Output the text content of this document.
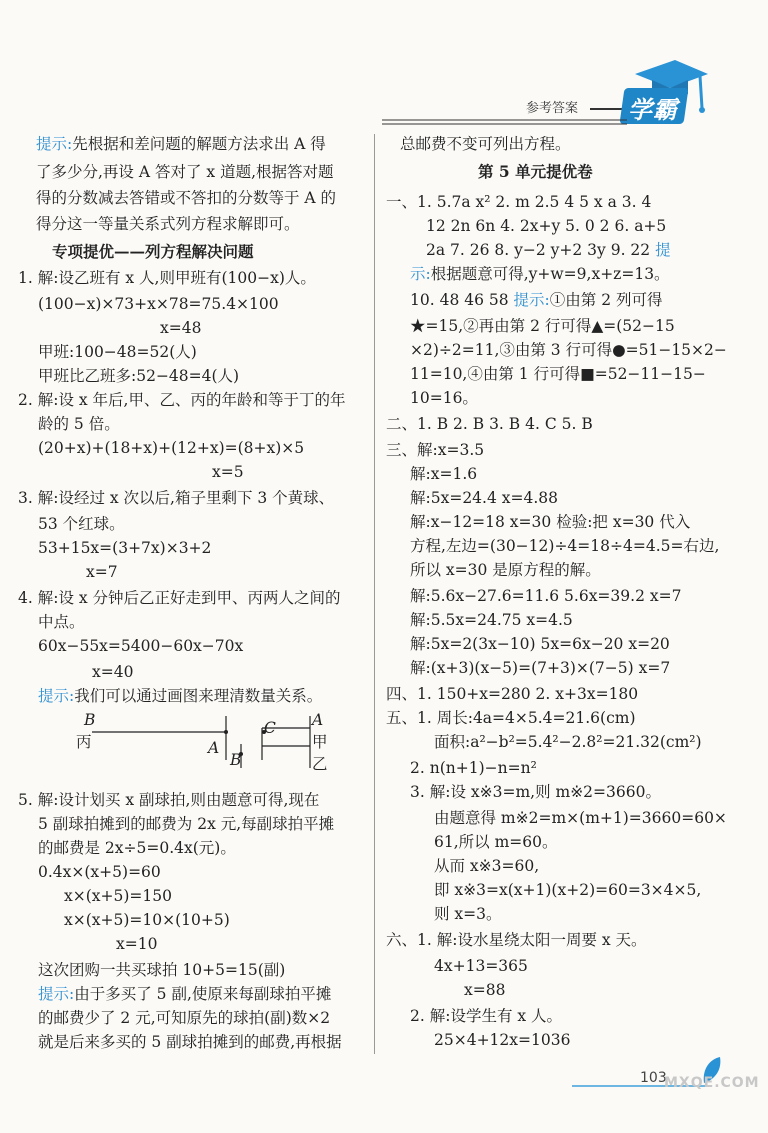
参考答案 学霸
提示:先根据和差问题的解题方法求出 A 得
了多少分,再设 A 答对了 x 道题,根据答对题
得的分数减去答错或不答扣的分数等于 A 的
得分这一等量关系式列方程求解即可。
专项提优——列方程解决问题
1. 解:设乙班有 x 人,则甲班有(100−x)人。
(100−x)×73+x×78=75.4×100
x=48
甲班:100−48=52(人)
甲班比乙班多:52−48=4(人)
2. 解:设 x 年后,甲、乙、丙的年龄和等于丁的年
龄的 5 倍。
(20+x)+(18+x)+(12+x)=(8+x)×5
x=5
3. 解:设经过 x 次以后,箱子里剩下 3 个黄球、
53 个红球。
53+15x=(3+7x)×3+2
x=7
4. 解:设 x 分钟后乙正好走到甲、丙两人之间的
中点。
60x−55x=5400−60x−70x
x=40
提示:我们可以通过画图来理清数量关系。
B
丙	A
C A
甲
乙
B
5. 解:设计划买 x 副球拍,则由题意可得,现在
5 副球拍摊到的邮费为 2x 元,每副球拍平摊
的邮费是 2x÷5=0.4x(元)。
0.4x×(x+5)=60
x×(x+5)=150
x×(x+5)=10×(10+5)
x=10
这次团购一共买球拍 10+5=15(副)
提示:由于多买了 5 副,使原来每副球拍平摊
的邮费少了 2 元,可知原先的球拍(副)数×2
就是后来多买的 5 副球拍摊到的邮费,再根据
总邮费不变可列出方程。
第 5 单元提优卷
一、1. 5.7a x² 2. m 2.5 4 5 x a 3. 4
12 2n 6n 4. 2x+y 5. 0 2 6. a+5
2a 7. 26 8. y−2 y+2 3y 9. 22 提
示:根据题意可得,y+w=9,x+z=13。
10. 48 46 58 提示:①由第 2 列可得
★=15,②再由第 2 行可得▲=(52−15
×2)÷2=11,③由第 3 行可得●=51−15×2−
11=10,④由第 1 行可得■=52−11−15−
10=16。
二、1. B 2. B 3. B 4. C 5. B
三、解:x=3.5
解:x=1.6
解:5x=24.4 x=4.88
解:x−12=18 x=30 检验:把 x=30 代入
方程,左边=(30−12)÷4=18÷4=4.5=右边,
所以 x=30 是原方程的解。
解:5.6x−27.6=11.6 5.6x=39.2 x=7
解:5.5x=24.75 x=4.5
解:5x=2(3x−10) 5x=6x−20 x=20
解:(x+3)(x−5)=(7+3)×(7−5) x=7
四、1. 150+x=280 2. x+3x=180
五、1. 周长:4a=4×5.4=21.6(cm)
面积:a²−b²=5.4²−2.8²=21.32(cm²)
2. n(n+1)−n=n²
3. 解:设 x※3=m,则 m※2=3660。
由题意得 m※2=m×(m+1)=3660=60×
61,所以 m=60。
从而 x※3=60,
即 x※3=x(x+1)(x+2)=60=3×4×5,
则 x=3。
六、1. 解:设水星绕太阳一周要 x 天。
4x+13=365
x=88
2. 解:设学生有 x 人。
25×4+12x=1036
103
MXQE.COM
